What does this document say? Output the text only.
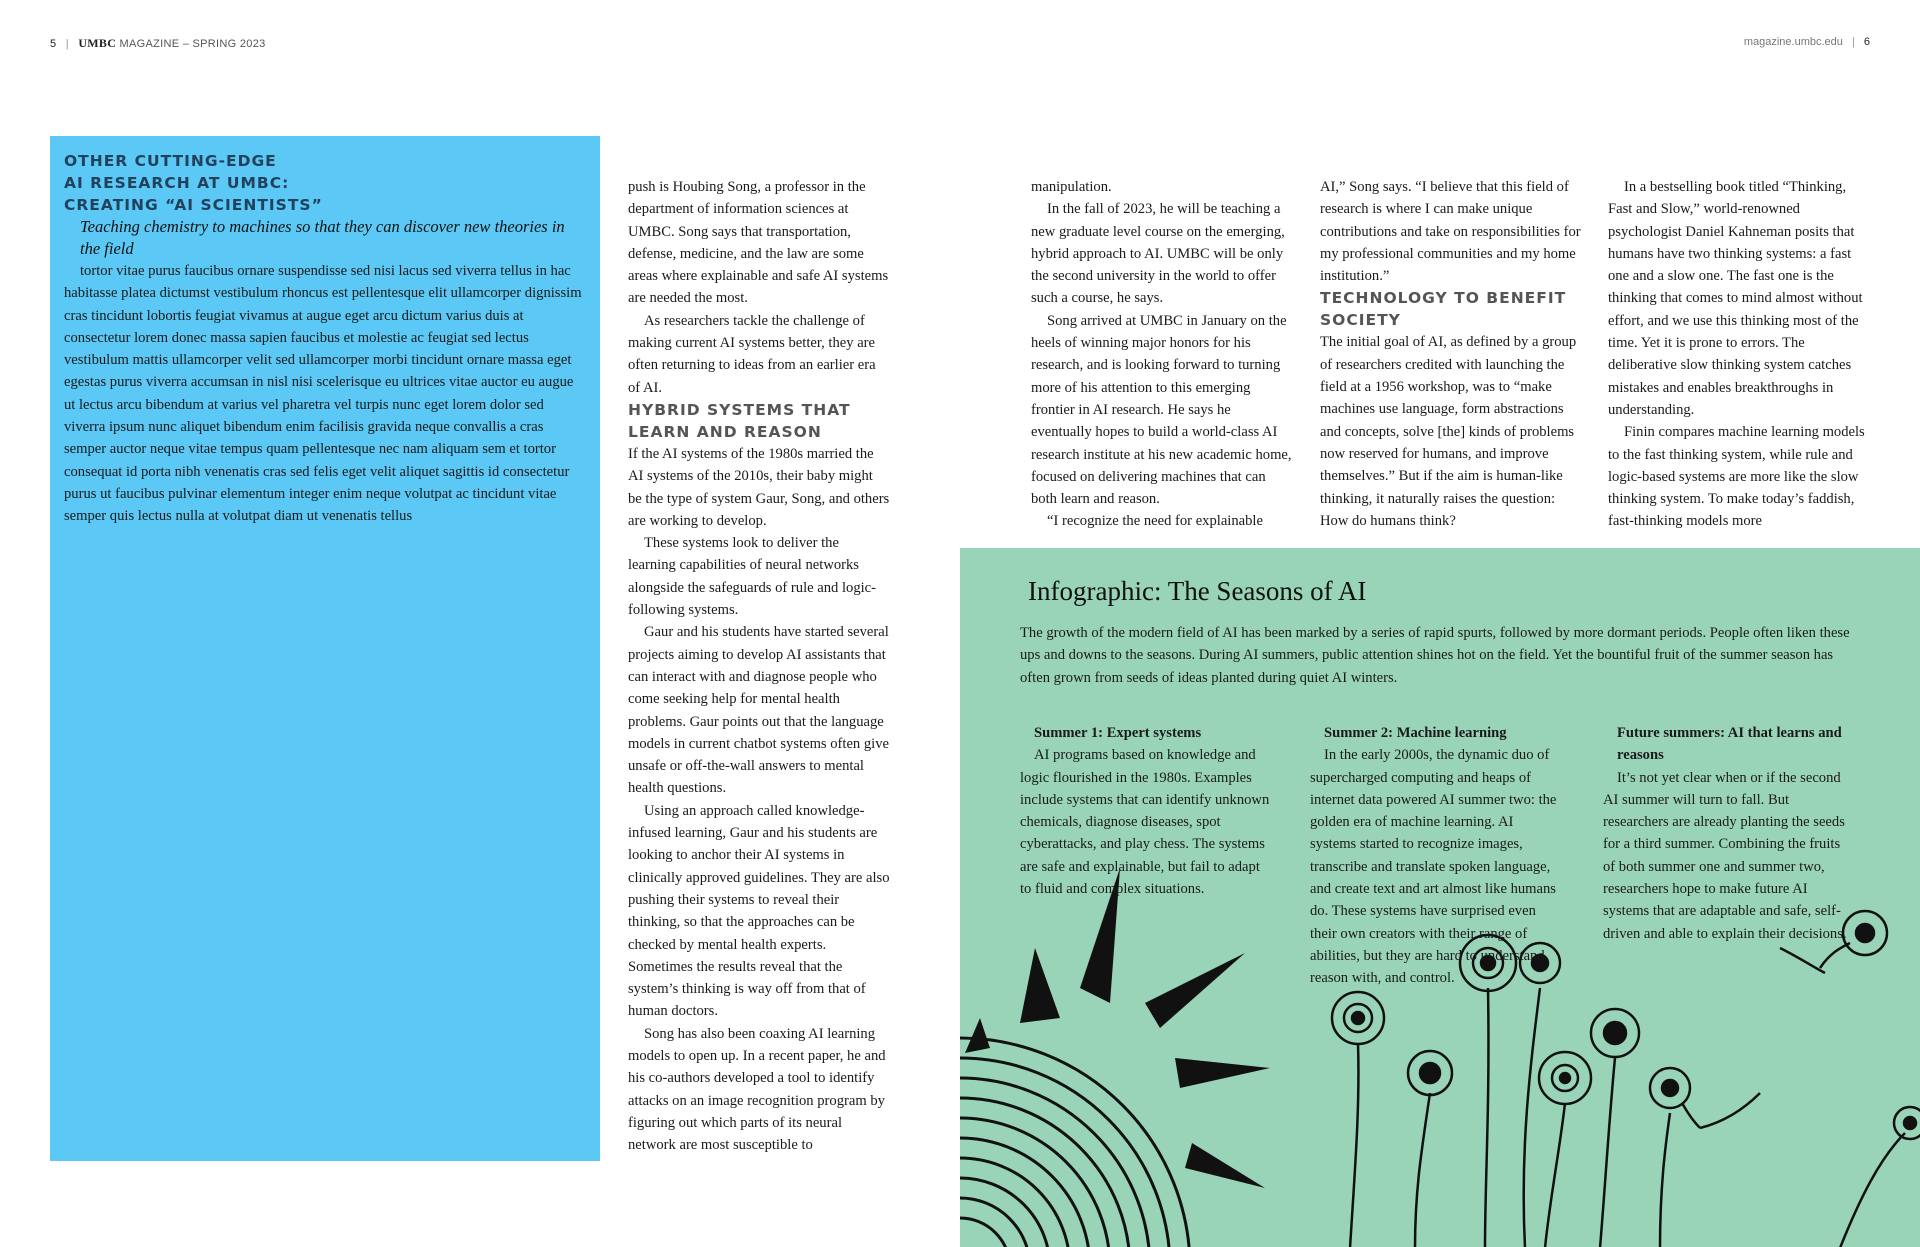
5 | UMBC MAGAZINE – SPRING 2023	magazine.umbc.edu | 6
OTHER CUTTING-EDGE
AI RESEARCH AT UMBC:
CREATING “AI SCIENTISTS”
Teaching chemistry to machines so that they can discover new theories in the field

tortor vitae purus faucibus ornare suspendisse sed nisi lacus sed viverra tellus in hac habitasse platea dictumst vestibulum rhoncus est pellentesque elit ullamcorper dignissim cras tincidunt lobortis feugiat vivamus at augue eget arcu dictum varius duis at consectetur lorem donec massa sapien faucibus et molestie ac feugiat sed lectus vestibulum mattis ullamcorper velit sed ullamcorper morbi tincidunt ornare massa eget egestas purus viverra accumsan in nisl nisi scelerisque eu ultrices vitae auctor eu augue ut lectus arcu bibendum at varius vel pharetra vel turpis nunc eget lorem dolor sed viverra ipsum nunc aliquet bibendum enim facilisis gravida neque convallis a cras semper auctor neque vitae tempus quam pellentesque nec nam aliquam sem et tortor consequat id porta nibh venenatis cras sed felis eget velit aliquet sagittis id consectetur purus ut faucibus pulvinar elementum integer enim neque volutpat ac tincidunt vitae semper quis lectus nulla at volutpat diam ut venenatis tellus

push is Houbing Song, a professor in the department of information sciences at UMBC. Song says that transportation, defense, medicine, and the law are some areas where explainable and safe AI systems are needed the most.

As researchers tackle the challenge of making current AI systems better, they are often returning to ideas from an earlier era of AI.

HYBRID SYSTEMS THAT LEARN AND REASON

If the AI systems of the 1980s married the AI systems of the 2010s, their baby might be the type of system Gaur, Song, and others are working to develop.

These systems look to deliver the learning capabilities of neural networks alongside the safeguards of rule and logic-following systems.

Gaur and his students have started several projects aiming to develop AI assistants that can interact with and diagnose people who come seeking help for mental health problems. Gaur points out that the language models in current chatbot systems often give unsafe or off-the-wall answers to mental health questions.

Using an approach called knowledge-infused learning, Gaur and his students are looking to anchor their AI systems in clinically approved guidelines. They are also pushing their systems to reveal their thinking, so that the approaches can be checked by mental health experts. Sometimes the results reveal that the system’s thinking is way off from that of human doctors.

Song has also been coaxing AI learning models to open up. In a recent paper, he and his co-authors developed a tool to identify attacks on an image recognition program by figuring out which parts of its neural network are most susceptible to

manipulation.

In the fall of 2023, he will be teaching a new graduate level course on the emerging, hybrid approach to AI. UMBC will be only the second university in the world to offer such a course, he says.

Song arrived at UMBC in January on the heels of winning major honors for his research, and is looking forward to turning more of his attention to this emerging frontier in AI research. He says he eventually hopes to build a world-class AI research institute at his new academic home, focused on delivering machines that can both learn and reason.

“I recognize the need for explainable

AI,” Song says. “I believe that this field of research is where I can make unique contributions and take on responsibilities for my professional communities and my home institution.”

TECHNOLOGY TO BENEFIT SOCIETY

The initial goal of AI, as defined by a group of researchers credited with launching the field at a 1956 workshop, was to “make machines use language, form abstractions and concepts, solve [the] kinds of problems now reserved for humans, and improve themselves.” But if the aim is human-like thinking, it naturally raises the question: How do humans think?

In a bestselling book titled “Thinking, Fast and Slow,” world-renowned psychologist Daniel Kahneman posits that humans have two thinking systems: a fast one and a slow one. The fast one is the thinking that comes to mind almost without effort, and we use this thinking most of the time. Yet it is prone to errors. The deliberative slow thinking system catches mistakes and enables breakthroughs in understanding.

Finin compares machine learning models to the fast thinking system, while rule and logic-based systems are more like the slow thinking system. To make today’s faddish, fast-thinking models more

Infographic: The Seasons of AI

The growth of the modern field of AI has been marked by a series of rapid spurts, followed by more dormant periods. People often liken these ups and downs to the seasons. During AI summers, public attention shines hot on the field. Yet the bountiful fruit of the summer season has often grown from seeds of ideas planted during quiet AI winters.

Summer 1: Expert systems

AI programs based on knowledge and logic flourished in the 1980s. Examples include systems that can identify unknown chemicals, diagnose diseases, spot cyberattacks, and play chess. The systems are safe and explainable, but fail to adapt to fluid and complex situations.

Summer 2: Machine learning

In the early 2000s, the dynamic duo of supercharged computing and heaps of internet data powered AI summer two: the golden era of machine learning. AI systems started to recognize images, transcribe and translate spoken language, and create text and art almost like humans do. These systems have surprised even their own creators with their range of abilities, but they are hard to understand, reason with, and control.

Future summers: AI that learns and reasons

It’s not yet clear when or if the second AI summer will turn to fall. But researchers are already planting the seeds for a third summer. Combining the fruits of both summer one and summer two, researchers hope to make future AI systems that are adaptable and safe, self-driven and able to explain their decisions.
